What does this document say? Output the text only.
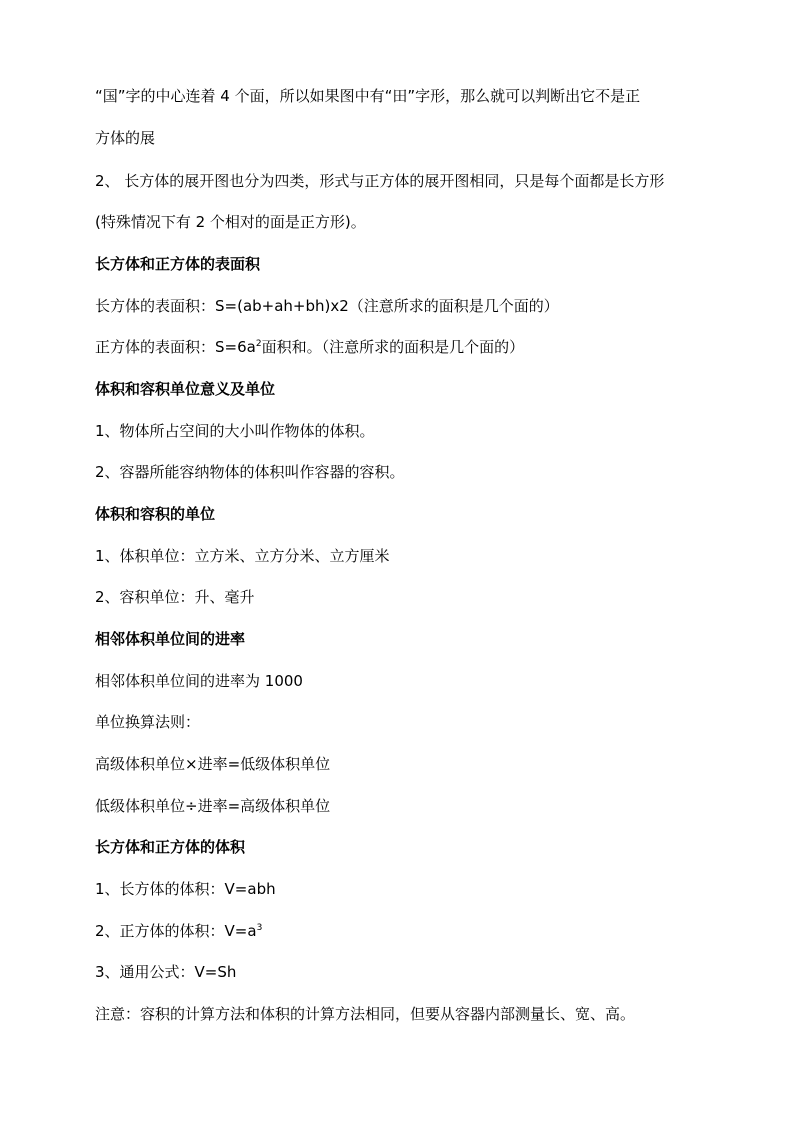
“国”字的中心连着 4 个面，所以如果图中有“田”字形，那么就可以判断出它不是正
方体的展
2、 长方体的展开图也分为四类，形式与正方体的展开图相同，只是每个面都是长方形
(特殊情况下有 2 个相对的面是正方形)。
长方体和正方体的表面积
长方体的表面积：S=(ab+ah+bh)x2（注意所求的面积是几个面的）
正方体的表面积：$S=6a^2$面积和。（注意所求的面积是几个面的）
体积和容积单位意义及单位
1、物体所占空间的大小叫作物体的体积。
2、容器所能容纳物体的体积叫作容器的容积。
体积和容积的单位
1、体积单位：立方米、立方分米、立方厘米
2、容积单位：升、毫升
相邻体积单位间的进率
相邻体积单位间的进率为 1000
单位换算法则：
高级体积单位×进率=低级体积单位
低级体积单位÷进率=高级体积单位
长方体和正方体的体积
1、长方体的体积：V=abh
2、正方体的体积：$V=a^3$
3、通用公式：V=Sh
注意：容积的计算方法和体积的计算方法相同，但要从容器内部测量长、宽、高。
